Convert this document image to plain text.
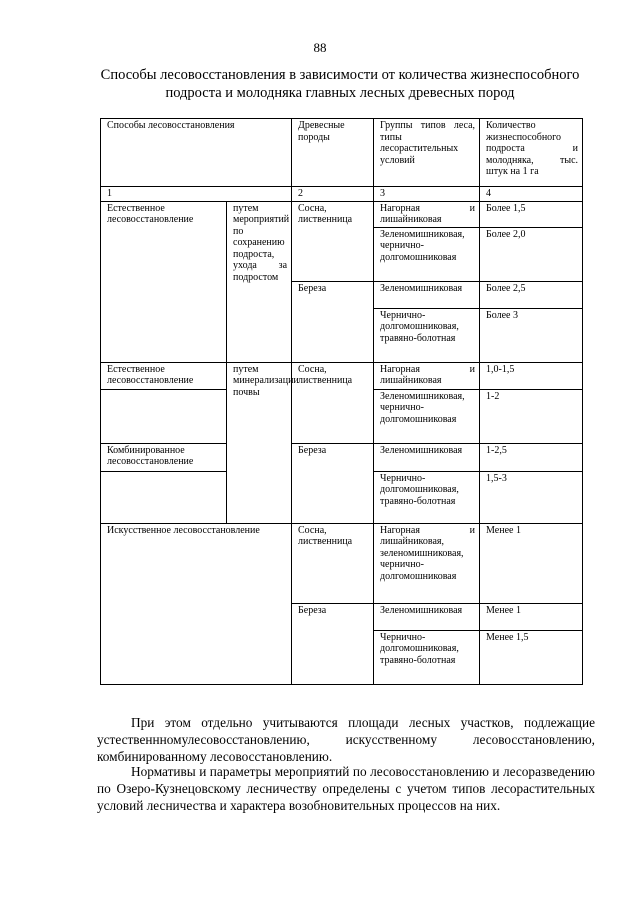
88
Способы лесовосстановления в зависимости от количества жизнеспособного
подроста и молодняка главных лесных древесных пород
Способы лесовосстановления		Древесные породы	Группы типов леса, типы лесорастительных условий	Количество жизнеспособного подроста и молодняка, тыс. штук на 1 га
1		2	3	4
Естественное лесовосстановление	путем мероприятий по сохранению подроста, ухода за подростом	Сосна, лиственница	Нагорная и лишайниковая	Более 1,5
			Зеленомишниковая, чернично-долгомошниковая	Более 2,0
		Береза	Зеленомишниковая	Более 2,5
			Чернично-долгомошниковая, травяно-болотная	Более 3
Естественное лесовосстановление	путем минерализации почвы	Сосна, лиственница	Нагорная и лишайниковая	1,0-1,5
			Зеленомишниковая, чернично-долгомошниковая	1-2
Комбинированное лесовосстановление		Береза	Зеленомишниковая	1-2,5
			Чернично-долгомошниковая, травяно-болотная	1,5-3
Искусственное лесовосстановление		Сосна, лиственница	Нагорная и лишайниковая, зеленомишниковая, чернично-долгомошниковая	Менее 1
		Береза	Зеленомишниковая	Менее 1
			Чернично-долгомошниковая, травяно-болотная	Менее 1,5

При этом отдельно учитываются площади лесных участков, подлежащие устественнномулесовосстановлению, искусственному лесовосстановлению, комбинированному лесовосстановлению.

Нормативы и параметры мероприятий по лесовосстановлению и лесоразведению по Озеро-Кузнецовскому лесничеству определены с учетом типов лесорастительных условий лесничества и характера возобновительных процессов на них.
